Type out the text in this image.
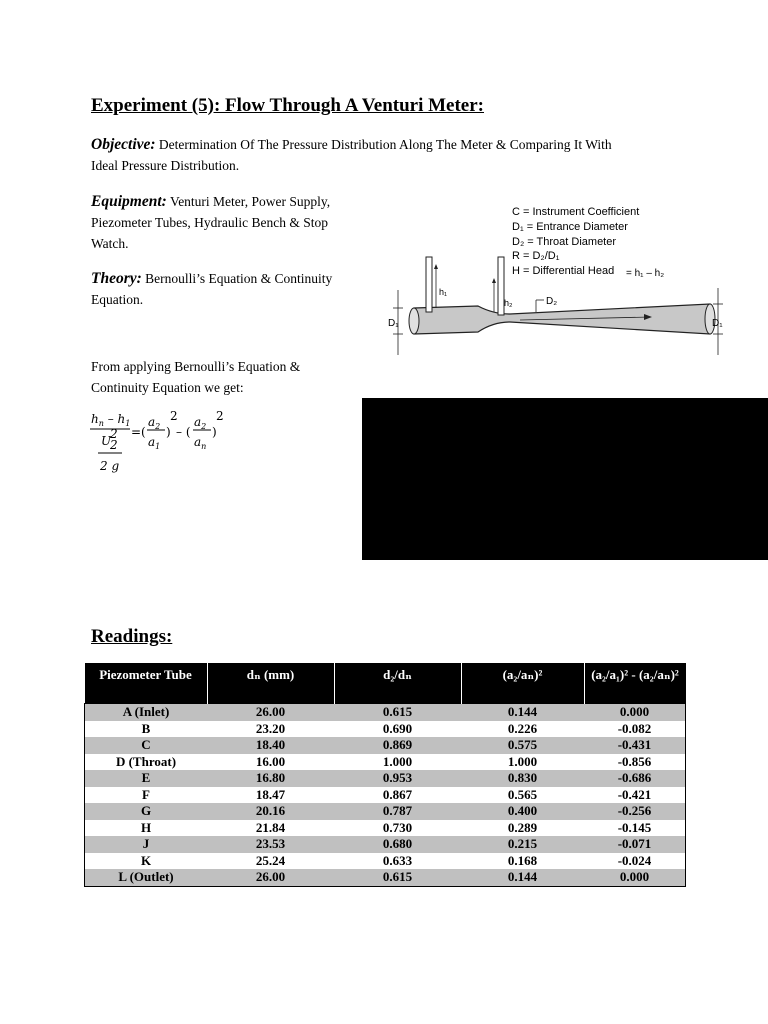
Experiment (5): Flow Through A Venturi Meter:
Objective: Determination Of The Pressure Distribution Along The Meter & Comparing It With
Ideal Pressure Distribution.
Equipment: Venturi Meter, Power Supply,
Piezometer Tubes, Hydraulic Bench & Stop
Watch.
Theory: Bernoulli’s Equation & Continuity
Equation.
From applying Bernoulli’s Equation &
Continuity Equation we get:
$h_n - h_1$
U
2
2
2 g
=(
$a_2$
$a_1$
)
2
– (
$a_2$
$a_n$
)
2
C = Instrument Coefficient
D₁ = Entrance Diameter
D₂ = Throat Diameter
R = D₂/D₁
H = Differential Head = h₁ – h₂
h₁
h₂	D₂
D₁	D₁
Readings:
Piezometer Tube	dₙ (mm)	d₂/dₙ	(a₂/aₙ)²	(a₂/a₁)² - (a₂/aₙ)²
A (Inlet)	26.00	0.615	0.144	0.000
B	23.20	0.690	0.226	-0.082
C	18.40	0.869	0.575	-0.431
D (Throat)	16.00	1.000	1.000	-0.856
E	16.80	0.953	0.830	-0.686
F	18.47	0.867	0.565	-0.421
G	20.16	0.787	0.400	-0.256
H	21.84	0.730	0.289	-0.145
J	23.53	0.680	0.215	-0.071
K	25.24	0.633	0.168	-0.024
L (Outlet)	26.00	0.615	0.144	0.000
